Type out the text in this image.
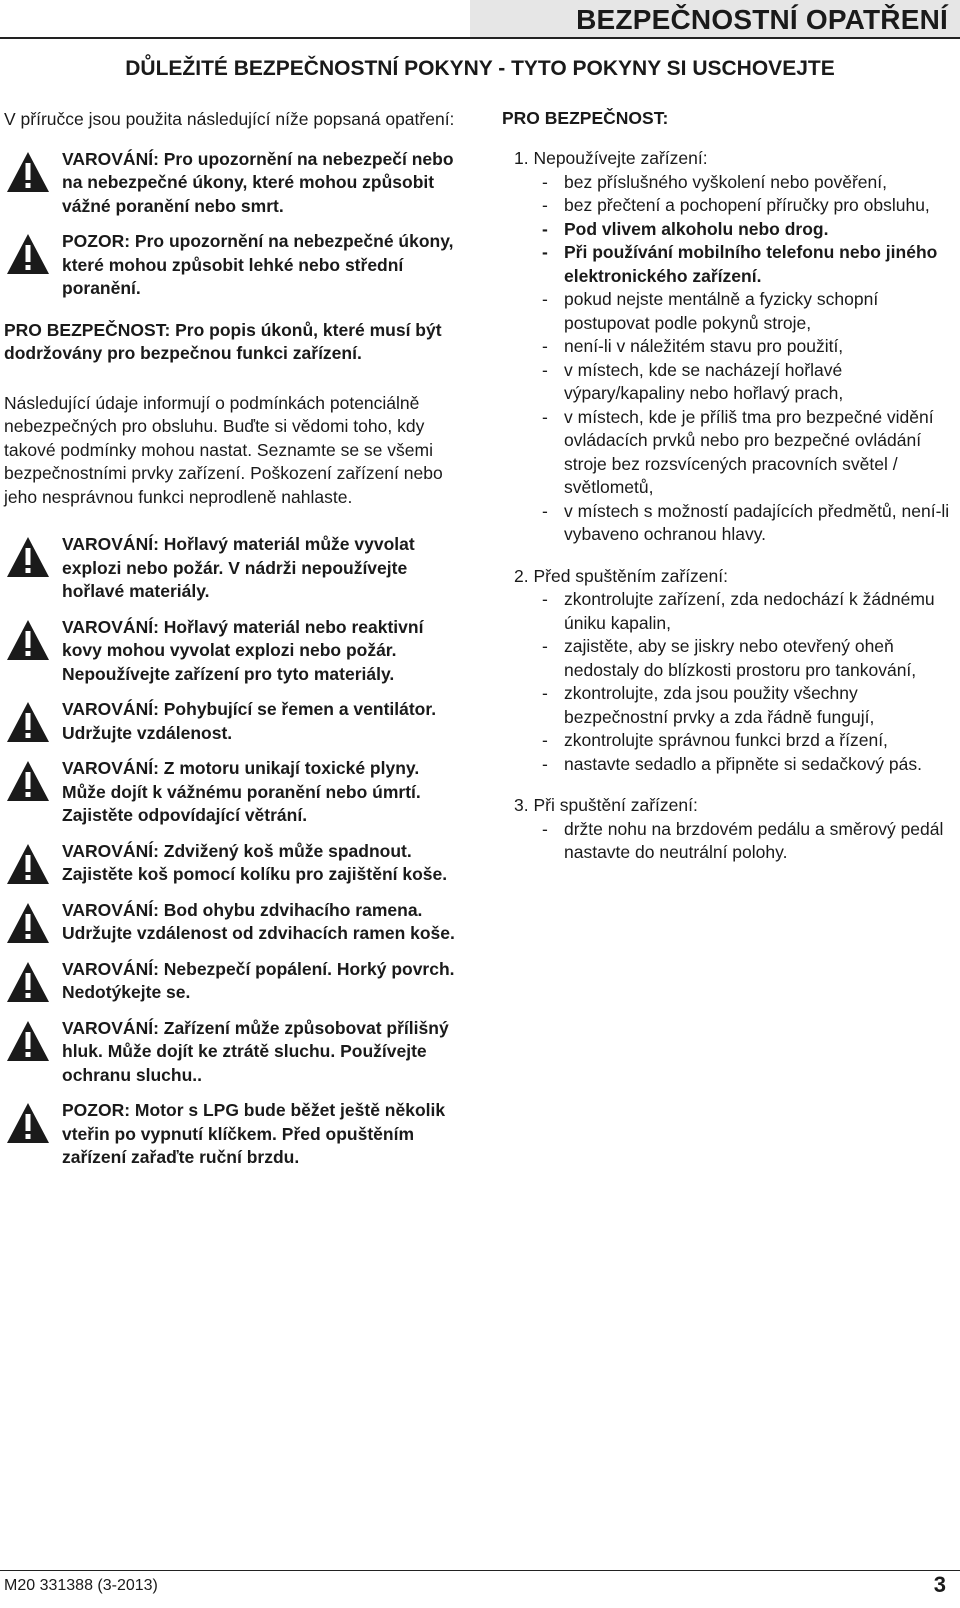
BEZPEČNOSTNÍ OPATŘENÍ
DŮLEŽITÉ BEZPEČNOSTNÍ POKYNY - TYTO POKYNY SI USCHOVEJTE

V příručce jsou použita následující níže popsaná opatření:

VAROVÁNÍ: Pro upozornění na nebezpečí nebo na nebezpečné úkony, které mohou způsobit vážné poranění nebo smrt.
POZOR: Pro upozornění na nebezpečné úkony, které mohou způsobit lehké nebo střední poranění.

PRO BEZPEČNOST: Pro popis úkonů, které musí být dodržovány pro bezpečnou funkci zařízení.

Následující údaje informují o podmínkách potenciálně nebezpečných pro obsluhu. Buďte si vědomi toho, kdy takové podmínky mohou nastat. Seznamte se se všemi bezpečnostními prvky zařízení. Poškození zařízení nebo jeho nesprávnou funkci neprodleně nahlaste.

VAROVÁNÍ: Hořlavý materiál může vyvolat explozi nebo požár. V nádrži nepoužívejte hořlavé materiály.
VAROVÁNÍ: Hořlavý materiál nebo reaktivní kovy mohou vyvolat explozi nebo požár. Nepoužívejte zařízení pro tyto materiály.
VAROVÁNÍ: Pohybující se řemen a ventilátor. Udržujte vzdálenost.
VAROVÁNÍ: Z motoru unikají toxické plyny. Může dojít k vážnému poranění nebo úmrtí. Zajistěte odpovídající větrání.
VAROVÁNÍ: Zdvižený koš může spadnout. Zajistěte koš pomocí kolíku pro zajištění koše.
VAROVÁNÍ: Bod ohybu zdvihacího ramena. Udržujte vzdálenost od zdvihacích ramen koše.
VAROVÁNÍ: Nebezpečí popálení. Horký povrch. Nedotýkejte se.
VAROVÁNÍ: Zařízení může způsobovat přílišný hluk. Může dojít ke ztrátě sluchu. Používejte ochranu sluchu..
POZOR: Motor s LPG bude běžet ještě několik vteřin po vypnutí klíčkem. Před opuštěním zařízení zařaďte ruční brzdu.
PRO BEZPEČNOST:
1. Nepoužívejte zařízení:
- bez příslušného vyškolení nebo pověření,
- bez přečtení a pochopení příručky pro obsluhu,
- Pod vlivem alkoholu nebo drog.
- Při používání mobilního telefonu nebo jiného elektronického zařízení.
- pokud nejste mentálně a fyzicky schopní postupovat podle pokynů stroje,
- není-li v náležitém stavu pro použití,
- v místech, kde se nacházejí hořlavé výpary/kapaliny nebo hořlavý prach,
- v místech, kde je příliš tma pro bezpečné vidění ovládacích prvků nebo pro bezpečné ovládání stroje bez rozsvícených pracovních světel / světlometů,
- v místech s možností padajících předmětů, není-li vybaveno ochranou hlavy.
2. Před spuštěním zařízení:
- zkontrolujte zařízení, zda nedochází k žádnému úniku kapalin,
- zajistěte, aby se jiskry nebo otevřený oheň nedostaly do blízkosti prostoru pro tankování,
- zkontrolujte, zda jsou použity všechny bezpečnostní prvky a zda řádně fungují,
- zkontrolujte správnou funkci brzd a řízení,
- nastavte sedadlo a připněte si sedačkový pás.
3. Při spuštění zařízení:
- držte nohu na brzdovém pedálu a směrový pedál nastavte do neutrální polohy.
M20 331388 (3-2013)	3
